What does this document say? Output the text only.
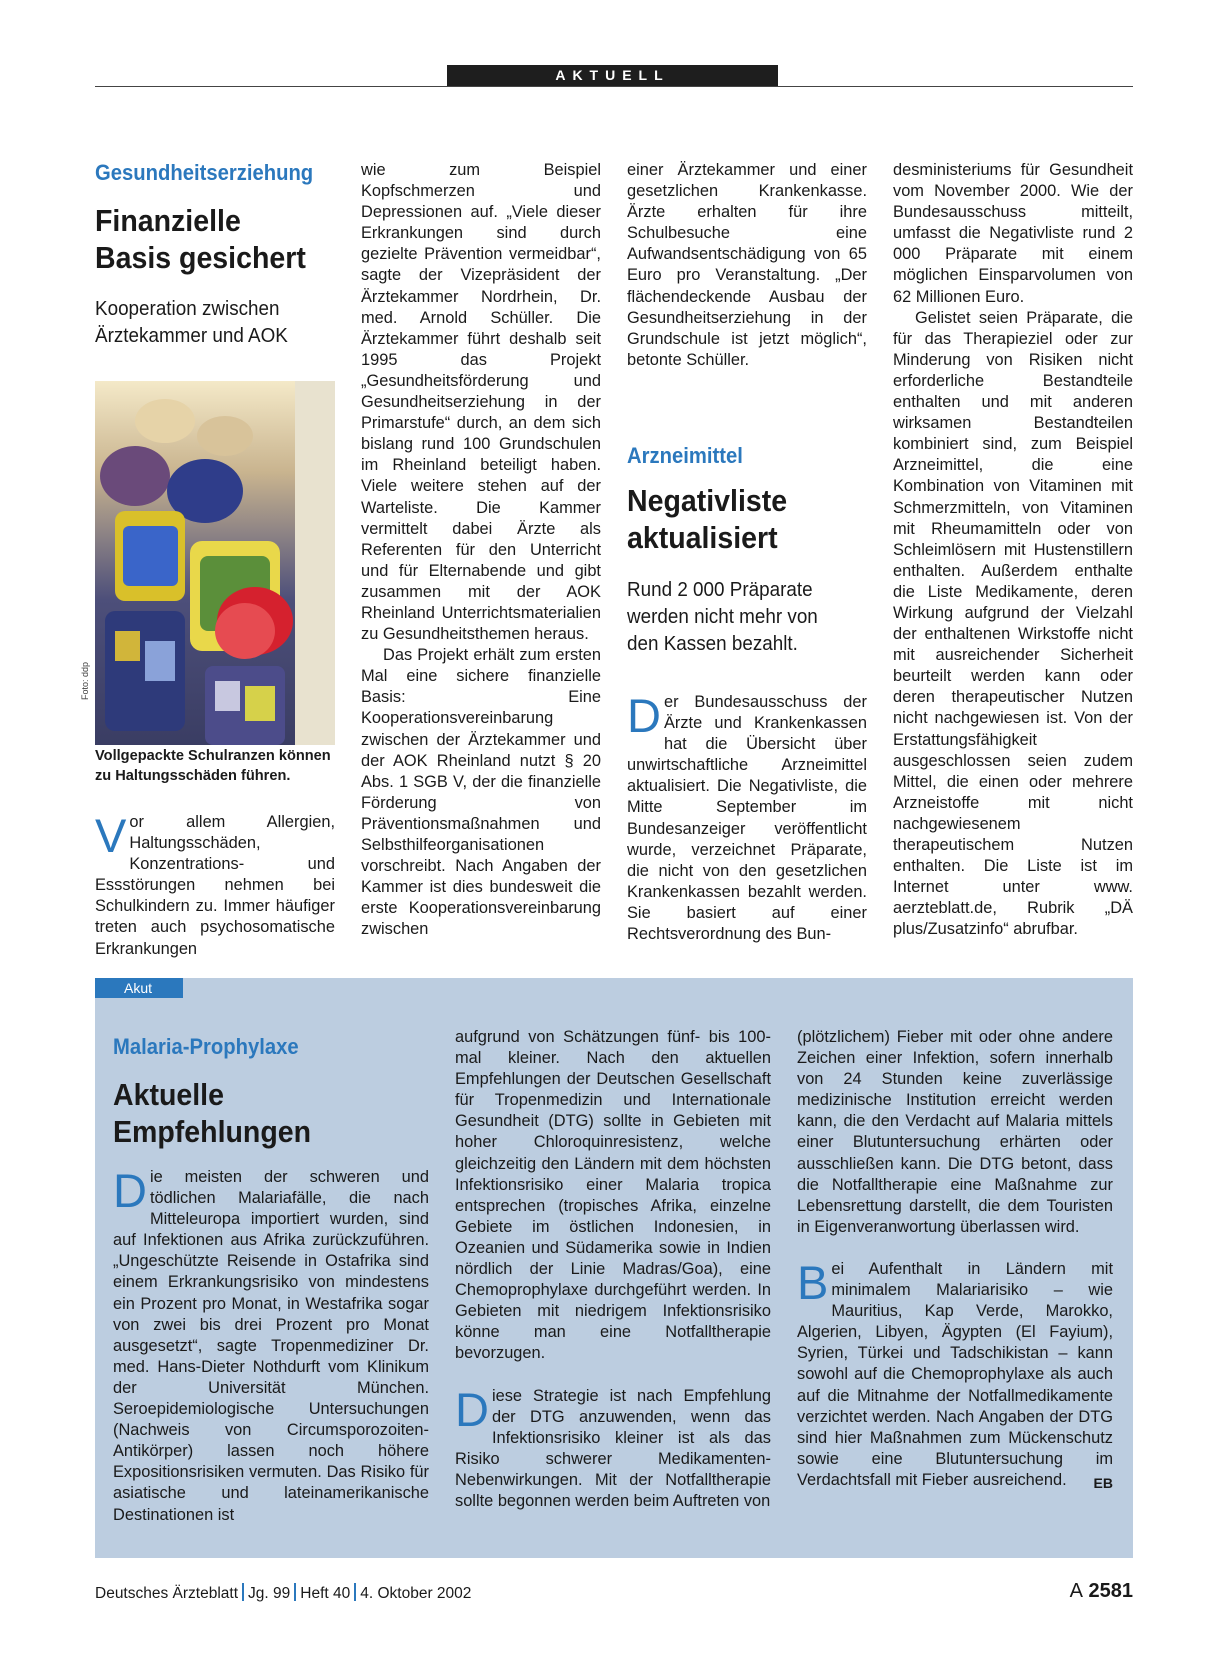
AKTUELL
Gesundheitserziehung
Finanzielle
Basis gesichert
Kooperation zwischen
Ärztekammer und AOK
Foto: ddp
Vollgepackte Schulranzen können zu Haltungsschäden führen.

Vor allem Allergien, Haltungsschäden, Konzentrations- und Essstörungen nehmen bei Schulkindern zu. Immer häufiger treten auch psychosomatische Erkrankungen

wie zum Beispiel Kopfschmerzen und Depressionen auf. „Viele dieser Erkrankungen sind durch gezielte Prävention vermeidbar“, sagte der Vizepräsident der Ärztekammer Nordrhein, Dr. med. Arnold Schüller. Die Ärztekammer führt deshalb seit 1995 das Projekt „Gesundheitsförderung und Gesundheitserziehung in der Primarstufe“ durch, an dem sich bislang rund 100 Grundschulen im Rheinland beteiligt haben. Viele weitere stehen auf der Warteliste. Die Kammer vermittelt dabei Ärzte als Referenten für den Unterricht und für Elternabende und gibt zusammen mit der AOK Rheinland Unterrichtsmaterialien zu Gesundheitsthemen heraus.

Das Projekt erhält zum ersten Mal eine sichere finanzielle Basis: Eine Kooperationsvereinbarung zwischen der Ärztekammer und der AOK Rheinland nutzt § 20 Abs. 1 SGB V, der die finanzielle Förderung von Präventionsmaßnahmen und Selbsthilfeorganisationen vorschreibt. Nach Angaben der Kammer ist dies bundesweit die erste Kooperationsvereinbarung zwischen

einer Ärztekammer und einer gesetzlichen Krankenkasse. Ärzte erhalten für ihre Schulbesuche eine Aufwandsentschädigung von 65 Euro pro Veranstaltung. „Der flächendeckende Ausbau der Gesundheitserziehung in der Grundschule ist jetzt möglich“, betonte Schüller.

Arzneimittel
Negativliste
aktualisiert
Rund 2 000 Präparate
werden nicht mehr von
den Kassen bezahlt.

Der Bundesausschuss der Ärzte und Krankenkassen hat die Übersicht über unwirtschaftliche Arzneimittel aktualisiert. Die Negativliste, die Mitte September im Bundesanzeiger veröffentlicht wurde, verzeichnet Präparate, die nicht von den gesetzlichen Krankenkassen bezahlt werden. Sie basiert auf einer Rechtsverordnung des Bun-

desministeriums für Gesundheit vom November 2000. Wie der Bundesausschuss mitteilt, umfasst die Negativliste rund 2 000 Präparate mit einem möglichen Einsparvolumen von 62 Millionen Euro.

Gelistet seien Präparate, die für das Therapieziel oder zur Minderung von Risiken nicht erforderliche Bestandteile enthalten und mit anderen wirksamen Bestandteilen kombiniert sind, zum Beispiel Arzneimittel, die eine Kombination von Vitaminen mit Schmerzmitteln, von Vitaminen mit Rheumamitteln oder von Schleimlösern mit Hustenstillern enthalten. Außerdem enthalte die Liste Medikamente, deren Wirkung aufgrund der Vielzahl der enthaltenen Wirkstoffe nicht mit ausreichender Sicherheit beurteilt werden kann oder deren therapeutischer Nutzen nicht nachgewiesen ist. Von der Erstattungsfähigkeit ausgeschlossen seien zudem Mittel, die einen oder mehrere Arzneistoffe mit nicht nachgewiesenem therapeutischem Nutzen enthalten. Die Liste ist im Internet unter www. aerzteblatt.de, Rubrik „DÄ plus/Zusatzinfo“ abrufbar.

Akut
Malaria-Prophylaxe
Aktuelle
Empfehlungen

Die meisten der schweren und tödlichen Malariafälle, die nach Mitteleuropa importiert wurden, sind auf Infektionen aus Afrika zurückzuführen. „Ungeschützte Reisende in Ostafrika sind einem Erkrankungsrisiko von mindestens ein Prozent pro Monat, in Westafrika sogar von zwei bis drei Prozent pro Monat ausgesetzt“, sagte Tropenmediziner Dr. med. Hans-Dieter Nothdurft vom Klinikum der Universität München. Seroepidemiologische Untersuchungen (Nachweis von Circumsporozoiten-Antikörper) lassen noch höhere Expositionsrisiken vermuten. Das Risiko für asiatische und lateinamerikanische Destinationen ist

aufgrund von Schätzungen fünf- bis 100-mal kleiner. Nach den aktuellen Empfehlungen der Deutschen Gesellschaft für Tropenmedizin und Internationale Gesundheit (DTG) sollte in Gebieten mit hoher Chloroquinresistenz, welche gleichzeitig den Ländern mit dem höchsten Infektionsrisiko einer Malaria tropica entsprechen (tropisches Afrika, einzelne Gebiete im östlichen Indonesien, in Ozeanien und Südamerika sowie in Indien nördlich der Linie Madras/Goa), eine Chemoprophylaxe durchgeführt werden. In Gebieten mit niedrigem Infektionsrisiko könne man eine Notfalltherapie bevorzugen.

Diese Strategie ist nach Empfehlung der DTG anzuwenden, wenn das Infektionsrisiko kleiner ist als das Risiko schwerer Medikamenten-Nebenwirkungen. Mit der Notfalltherapie sollte begonnen werden beim Auftreten von

(plötzlichem) Fieber mit oder ohne andere Zeichen einer Infektion, sofern innerhalb von 24 Stunden keine zuverlässige medizinische Institution erreicht werden kann, die den Verdacht auf Malaria mittels einer Blutuntersuchung erhärten oder ausschließen kann. Die DTG betont, dass die Notfalltherapie eine Maßnahme zur Lebensrettung darstellt, die dem Touristen in Eigenveranwortung überlassen wird.

Bei Aufenthalt in Ländern mit minimalem Malariarisiko – wie Mauritius, Kap Verde, Marokko, Algerien, Libyen, Ägypten (El Fayium), Syrien, Türkei und Tadschikistan – kann sowohl auf die Chemoprophylaxe als auch auf die Mitnahme der Notfallmedikamente verzichtet werden. Nach Angaben der DTG sind hier Maßnahmen zum Mückenschutz sowie eine Blutuntersuchung im Verdachtsfall mit Fieber ausreichend. EB

Deutsches Ärzteblatt Jg. 99 Heft 40 4. Oktober 2002	A 2581
